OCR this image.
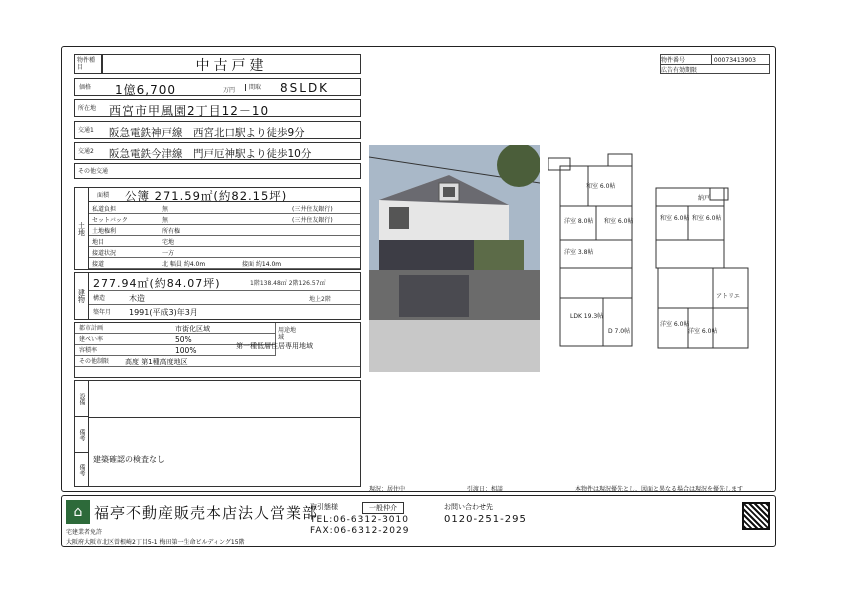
物件種目	中古戸建	物件番号	00073413903
広告有効期限
価格 1億6,700	万円	間取 8SLDK
所在地 西宮市甲風園2丁目12－10
交通1 阪急電鉄神戸線　西宮北口駅より徒歩9分
交通2 阪急電鉄今津線　門戸厄神駅より徒歩10分
その他交通
土地
面積 公簿 271.59㎡(約82.15坪)
私道負担	無	(三井住友銀行)
セットバック	無	(三井住友銀行)
土地権利	所有権
地目	宅地
接道状況	一方
接道	北 幅員 約4.0m	接面 約14.0m
建物
277.94㎡(約84.07坪)	1階138.48㎡ 2階126.57㎡
構造	木造	地上2階
築年月 1991(平成3)年3月
都市計画	市街化区域
建ぺい率	50%
容積率	100%
用途地域
第一種低層住居専用地域
その他制限 高度 第1種高度地区
設備
備考
備考
建築確認の検査なし
現況：居住中	引渡日：相談
和室 6.0帖
洋室 8.0帖 和室 6.0帖
洋室 3.8帖
LDK 19.3帖
D 7.0帖
和室 6.0帖 和室 6.0帖
納戸
洋室 6.0帖
洋室 6.0帖
アトリエ
本物件は現況優先とし、図面と異なる場合は現況を優先します
⌂ 福亭不動産販売本店法人営業部
宅建業者免許
取引態様	一般仲介
TEL:06-6312-3010
FAX:06-6312-2029
お問い合わせ先
0120-251-295
大阪府大阪市北区曽根崎2丁目5-1 梅田第一生命ビルディング15階
